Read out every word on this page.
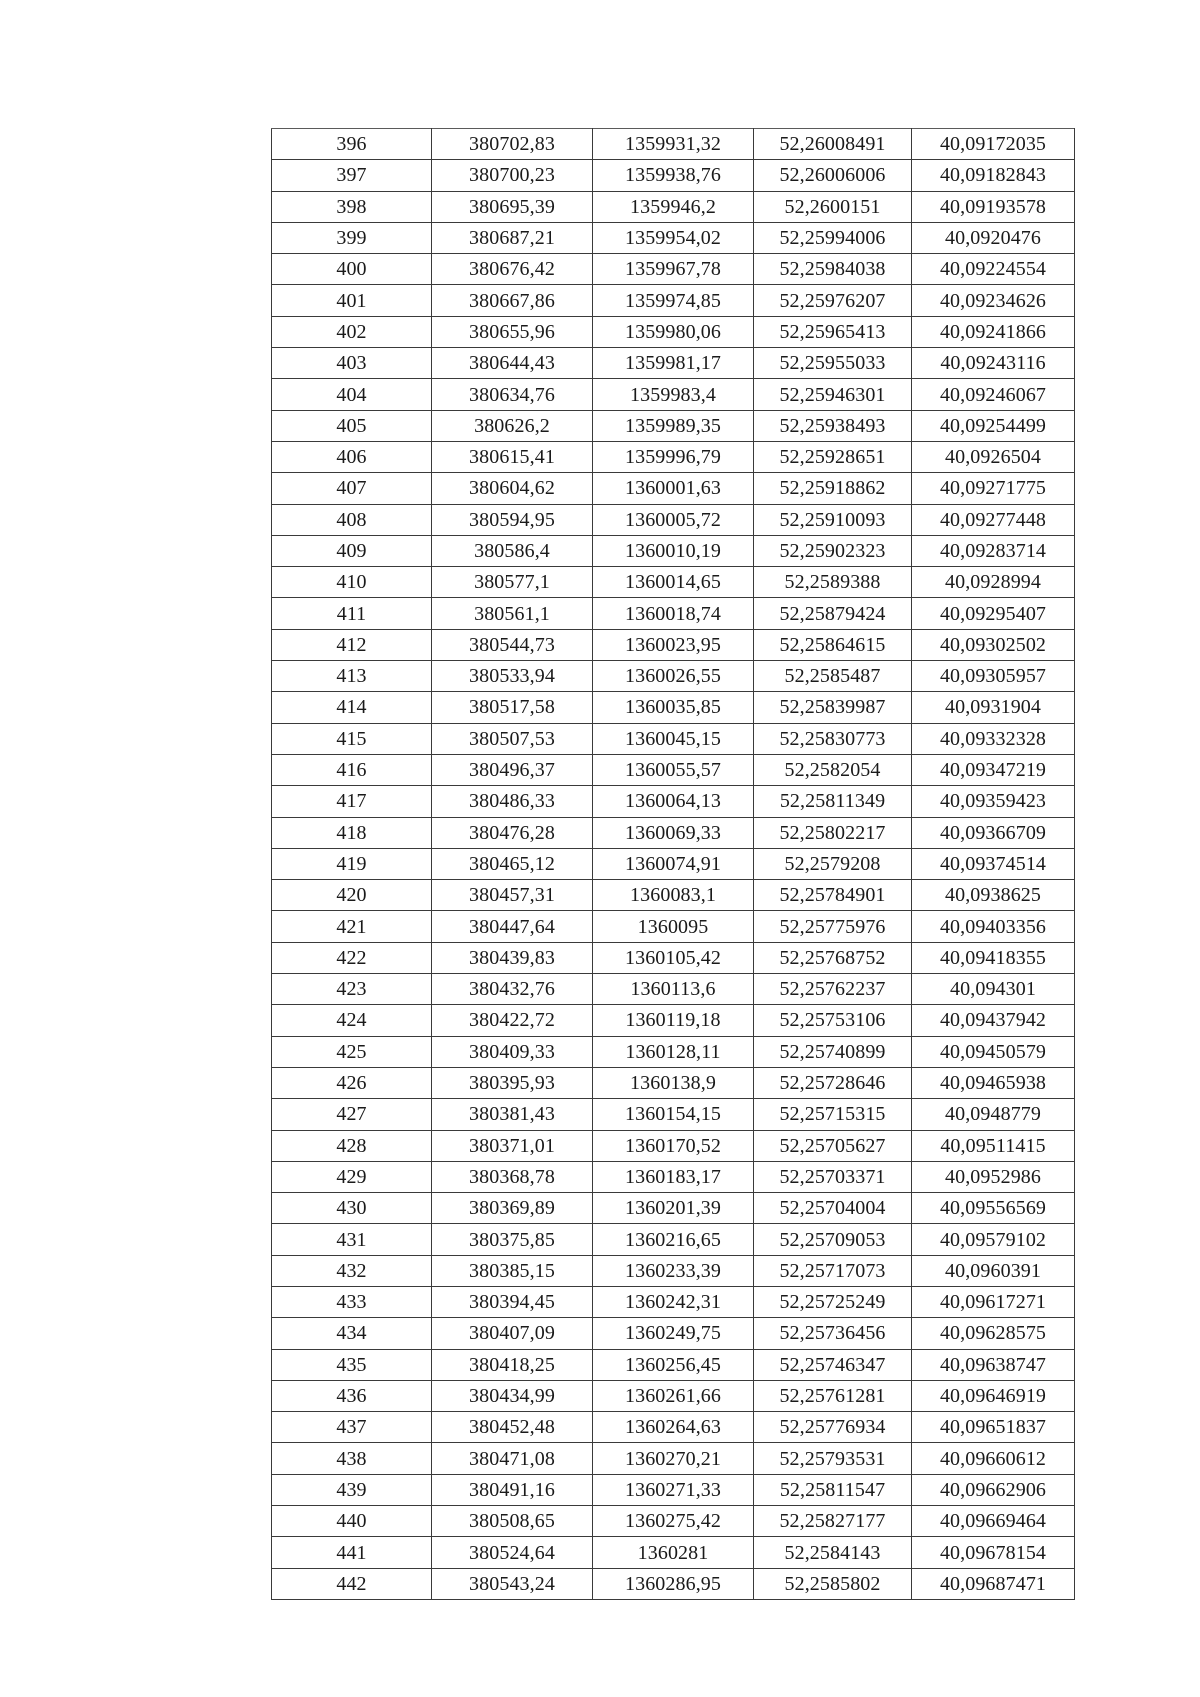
396	380702,83	1359931,32	52,26008491	40,09172035
397	380700,23	1359938,76	52,26006006	40,09182843
398	380695,39	1359946,2	52,2600151	40,09193578
399	380687,21	1359954,02	52,25994006	40,0920476
400	380676,42	1359967,78	52,25984038	40,09224554
401	380667,86	1359974,85	52,25976207	40,09234626
402	380655,96	1359980,06	52,25965413	40,09241866
403	380644,43	1359981,17	52,25955033	40,09243116
404	380634,76	1359983,4	52,25946301	40,09246067
405	380626,2	1359989,35	52,25938493	40,09254499
406	380615,41	1359996,79	52,25928651	40,0926504
407	380604,62	1360001,63	52,25918862	40,09271775
408	380594,95	1360005,72	52,25910093	40,09277448
409	380586,4	1360010,19	52,25902323	40,09283714
410	380577,1	1360014,65	52,2589388	40,0928994
411	380561,1	1360018,74	52,25879424	40,09295407
412	380544,73	1360023,95	52,25864615	40,09302502
413	380533,94	1360026,55	52,2585487	40,09305957
414	380517,58	1360035,85	52,25839987	40,0931904
415	380507,53	1360045,15	52,25830773	40,09332328
416	380496,37	1360055,57	52,2582054	40,09347219
417	380486,33	1360064,13	52,25811349	40,09359423
418	380476,28	1360069,33	52,25802217	40,09366709
419	380465,12	1360074,91	52,2579208	40,09374514
420	380457,31	1360083,1	52,25784901	40,0938625
421	380447,64	1360095	52,25775976	40,09403356
422	380439,83	1360105,42	52,25768752	40,09418355
423	380432,76	1360113,6	52,25762237	40,094301
424	380422,72	1360119,18	52,25753106	40,09437942
425	380409,33	1360128,11	52,25740899	40,09450579
426	380395,93	1360138,9	52,25728646	40,09465938
427	380381,43	1360154,15	52,25715315	40,0948779
428	380371,01	1360170,52	52,25705627	40,09511415
429	380368,78	1360183,17	52,25703371	40,0952986
430	380369,89	1360201,39	52,25704004	40,09556569
431	380375,85	1360216,65	52,25709053	40,09579102
432	380385,15	1360233,39	52,25717073	40,0960391
433	380394,45	1360242,31	52,25725249	40,09617271
434	380407,09	1360249,75	52,25736456	40,09628575
435	380418,25	1360256,45	52,25746347	40,09638747
436	380434,99	1360261,66	52,25761281	40,09646919
437	380452,48	1360264,63	52,25776934	40,09651837
438	380471,08	1360270,21	52,25793531	40,09660612
439	380491,16	1360271,33	52,25811547	40,09662906
440	380508,65	1360275,42	52,25827177	40,09669464
441	380524,64	1360281	52,2584143	40,09678154
442	380543,24	1360286,95	52,2585802	40,09687471
